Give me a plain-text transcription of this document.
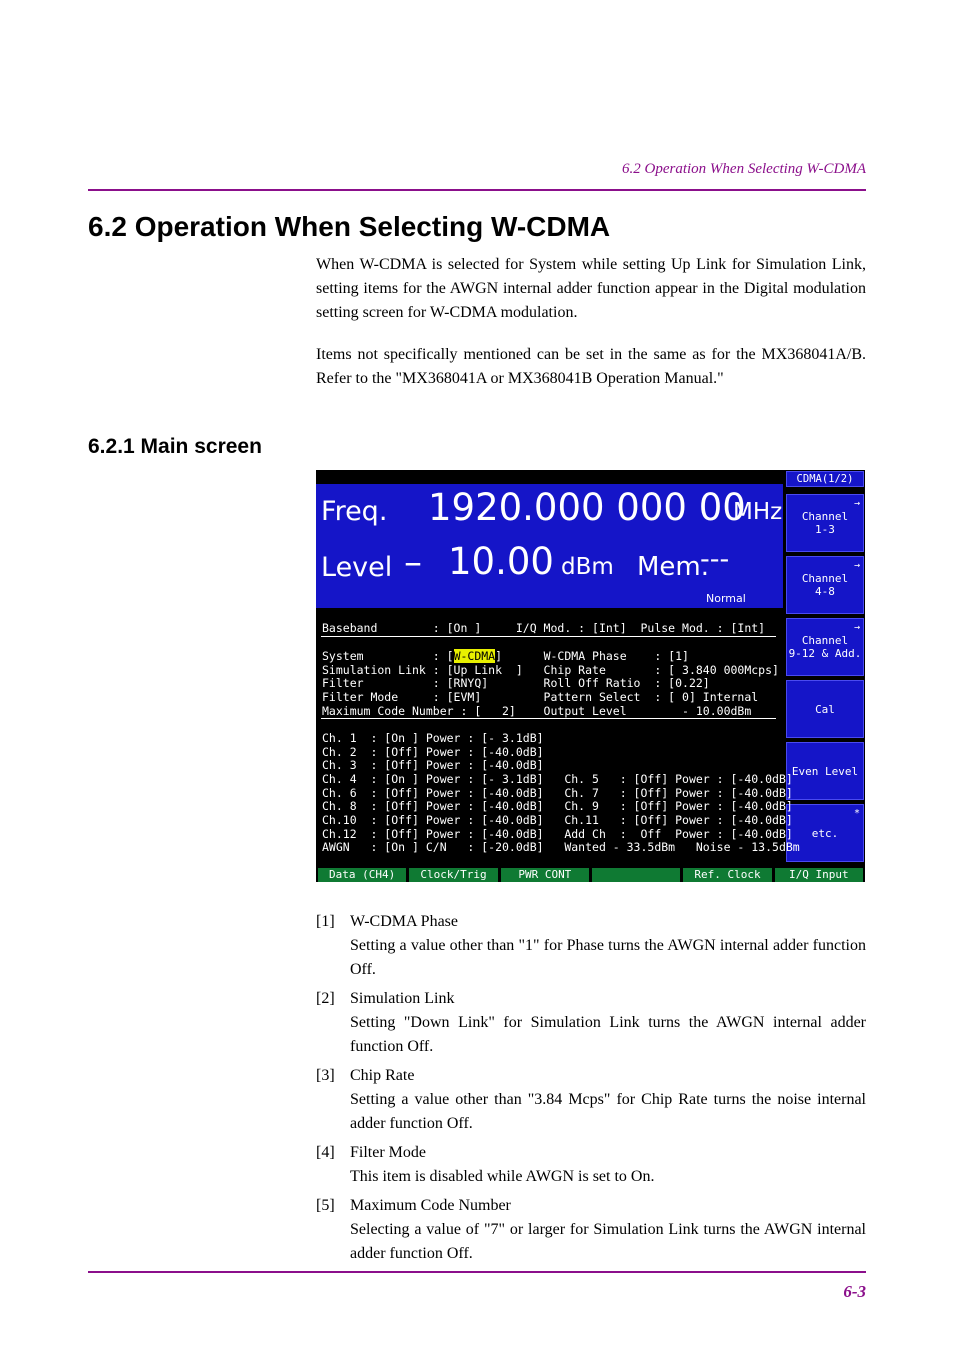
6.2 Operation When Selecting W-CDMA
6.2 Operation When Selecting W-CDMA
When W-CDMA is selected for System while setting Up Link for Simulation Link, setting items for the AWGN internal adder function appear in the Digital modulation setting screen for W-CDMA modulation.
Items not specifically mentioned can be set in the same as for the MX368041A/B. Refer to the "MX368041A or MX368041B Operation Manual."
6.2.1 Main screen
Freq. 1920.000 000 00
MHz
Level – 10.00 dBm Mem.
---
Normal
CDMA(1/2)
→
Channel
1-3
→
Channel
4-8
→
Channel
9-12 & Add.
Cal
Even Level
*
etc.
Baseband        : [On ]     I/Q Mod. : [Int]  Pulse Mod. : [Int]
System          : [W-CDMA]      W-CDMA Phase    : [1]
Simulation Link : [Up Link  ]   Chip Rate       : [ 3.840 000Mcps]
Filter          : [RNYQ]        Roll Off Ratio  : [0.22]
Filter Mode     : [EVM]         Pattern Select  : [ 0] Internal
Maximum Code Number : [   2]    Output Level        - 10.00dBm
Ch. 1  : [On ] Power : [- 3.1dB]
Ch. 2  : [Off] Power : [-40.0dB]
Ch. 3  : [Off] Power : [-40.0dB]
Ch. 4  : [On ] Power : [- 3.1dB]   Ch. 5   : [Off] Power : [-40.0dB]
Ch. 6  : [Off] Power : [-40.0dB]   Ch. 7   : [Off] Power : [-40.0dB]
Ch. 8  : [Off] Power : [-40.0dB]   Ch. 9   : [Off] Power : [-40.0dB]
Ch.10  : [Off] Power : [-40.0dB]   Ch.11   : [Off] Power : [-40.0dB]
Ch.12  : [Off] Power : [-40.0dB]   Add Ch  :  Off  Power : [-40.0dB]
AWGN   : [On ] C/N   : [-20.0dB]   Wanted - 33.5dBm   Noise - 13.5dBm
Data (CH4)	Clock/Trig	PWR CONT	Ref. Clock	I/Q Input
[1] W-CDMA Phase
Setting a value other than "1" for Phase turns the AWGN internal adder function Off.
[2] Simulation Link
Setting "Down Link" for Simulation Link turns the AWGN internal adder function Off.
[3] Chip Rate
Setting a value other than "3.84 Mcps" for Chip Rate turns the noise internal adder function Off.
[4] Filter Mode
This item is disabled while AWGN is set to On.
[5] Maximum Code Number
Selecting a value of "7" or larger for Simulation Link turns the AWGN internal adder function Off.
6-3
